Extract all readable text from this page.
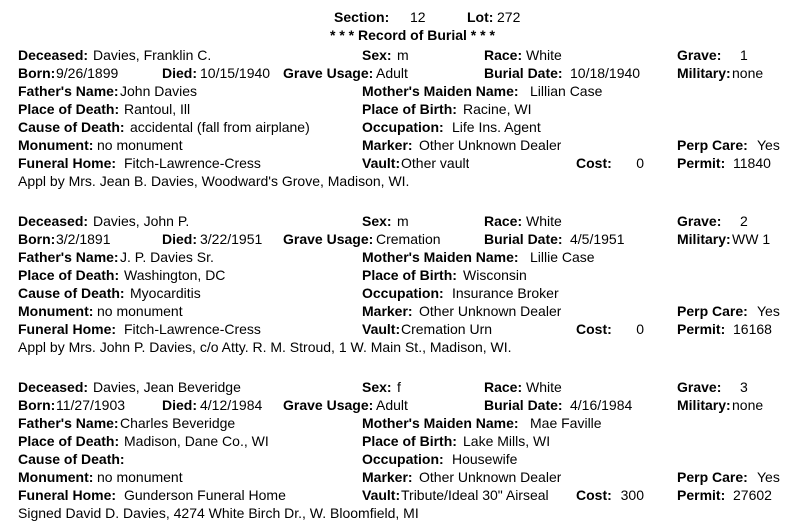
Section: 12	Lot: 272
* * * Record of Burial * * *
Deceased: Davies, Franklin C.	Sex: m	Race: White	Grave: 1
Born: 9/26/1899	Died: 10/15/1940 Grave Usage: Adult	Burial Date: 10/18/1940	Military: none
Father's Name: John Davies	Mother's Maiden Name: Lillian Case
Place of Death: Rantoul, Ill	Place of Birth: Racine, WI
Cause of Death: accidental (fall from airplane)	Occupation: Life Ins. Agent
Monument: no monument	Marker: Other Unknown Dealer	Perp Care: Yes
Funeral Home: Fitch-Lawrence-Cress	Vault: Other vault	Cost:	0 Permit: 11840
Appl by Mrs. Jean B. Davies, Woodward's Grove, Madison, WI.
Deceased: Davies, John P.	Sex: m	Race: White	Grave: 2
Born: 3/2/1891	Died: 3/22/1951 Grave Usage: Cremation	Burial Date: 4/5/1951	Military: WW 1
Father's Name: J. P. Davies Sr.	Mother's Maiden Name: Lillie Case
Place of Death: Washington, DC	Place of Birth: Wisconsin
Cause of Death: Myocarditis	Occupation: Insurance Broker
Monument: no monument	Marker: Other Unknown Dealer	Perp Care: Yes
Funeral Home: Fitch-Lawrence-Cress	Vault: Cremation Urn	Cost:	0 Permit: 16168
Appl by Mrs. John P. Davies, c/o Atty. R. M. Stroud, 1 W. Main St., Madison, WI.
Deceased: Davies, Jean Beveridge	Sex: f	Race: White	Grave: 3
Born: 11/27/1903	Died: 4/12/1984 Grave Usage: Adult	Burial Date: 4/16/1984	Military: none
Father's Name: Charles Beveridge	Mother's Maiden Name: Mae Faville
Place of Death: Madison, Dane Co., WI	Place of Birth: Lake Mills, WI
Cause of Death:	Occupation: Housewife
Monument: no monument	Marker: Other Unknown Dealer	Perp Care: Yes
Funeral Home: Gunderson Funeral Home	Vault: Tribute/Ideal 30" Airseal Cost: 300 Permit: 27602
Signed David D. Davies, 4274 White Birch Dr., W. Bloomfield, MI
